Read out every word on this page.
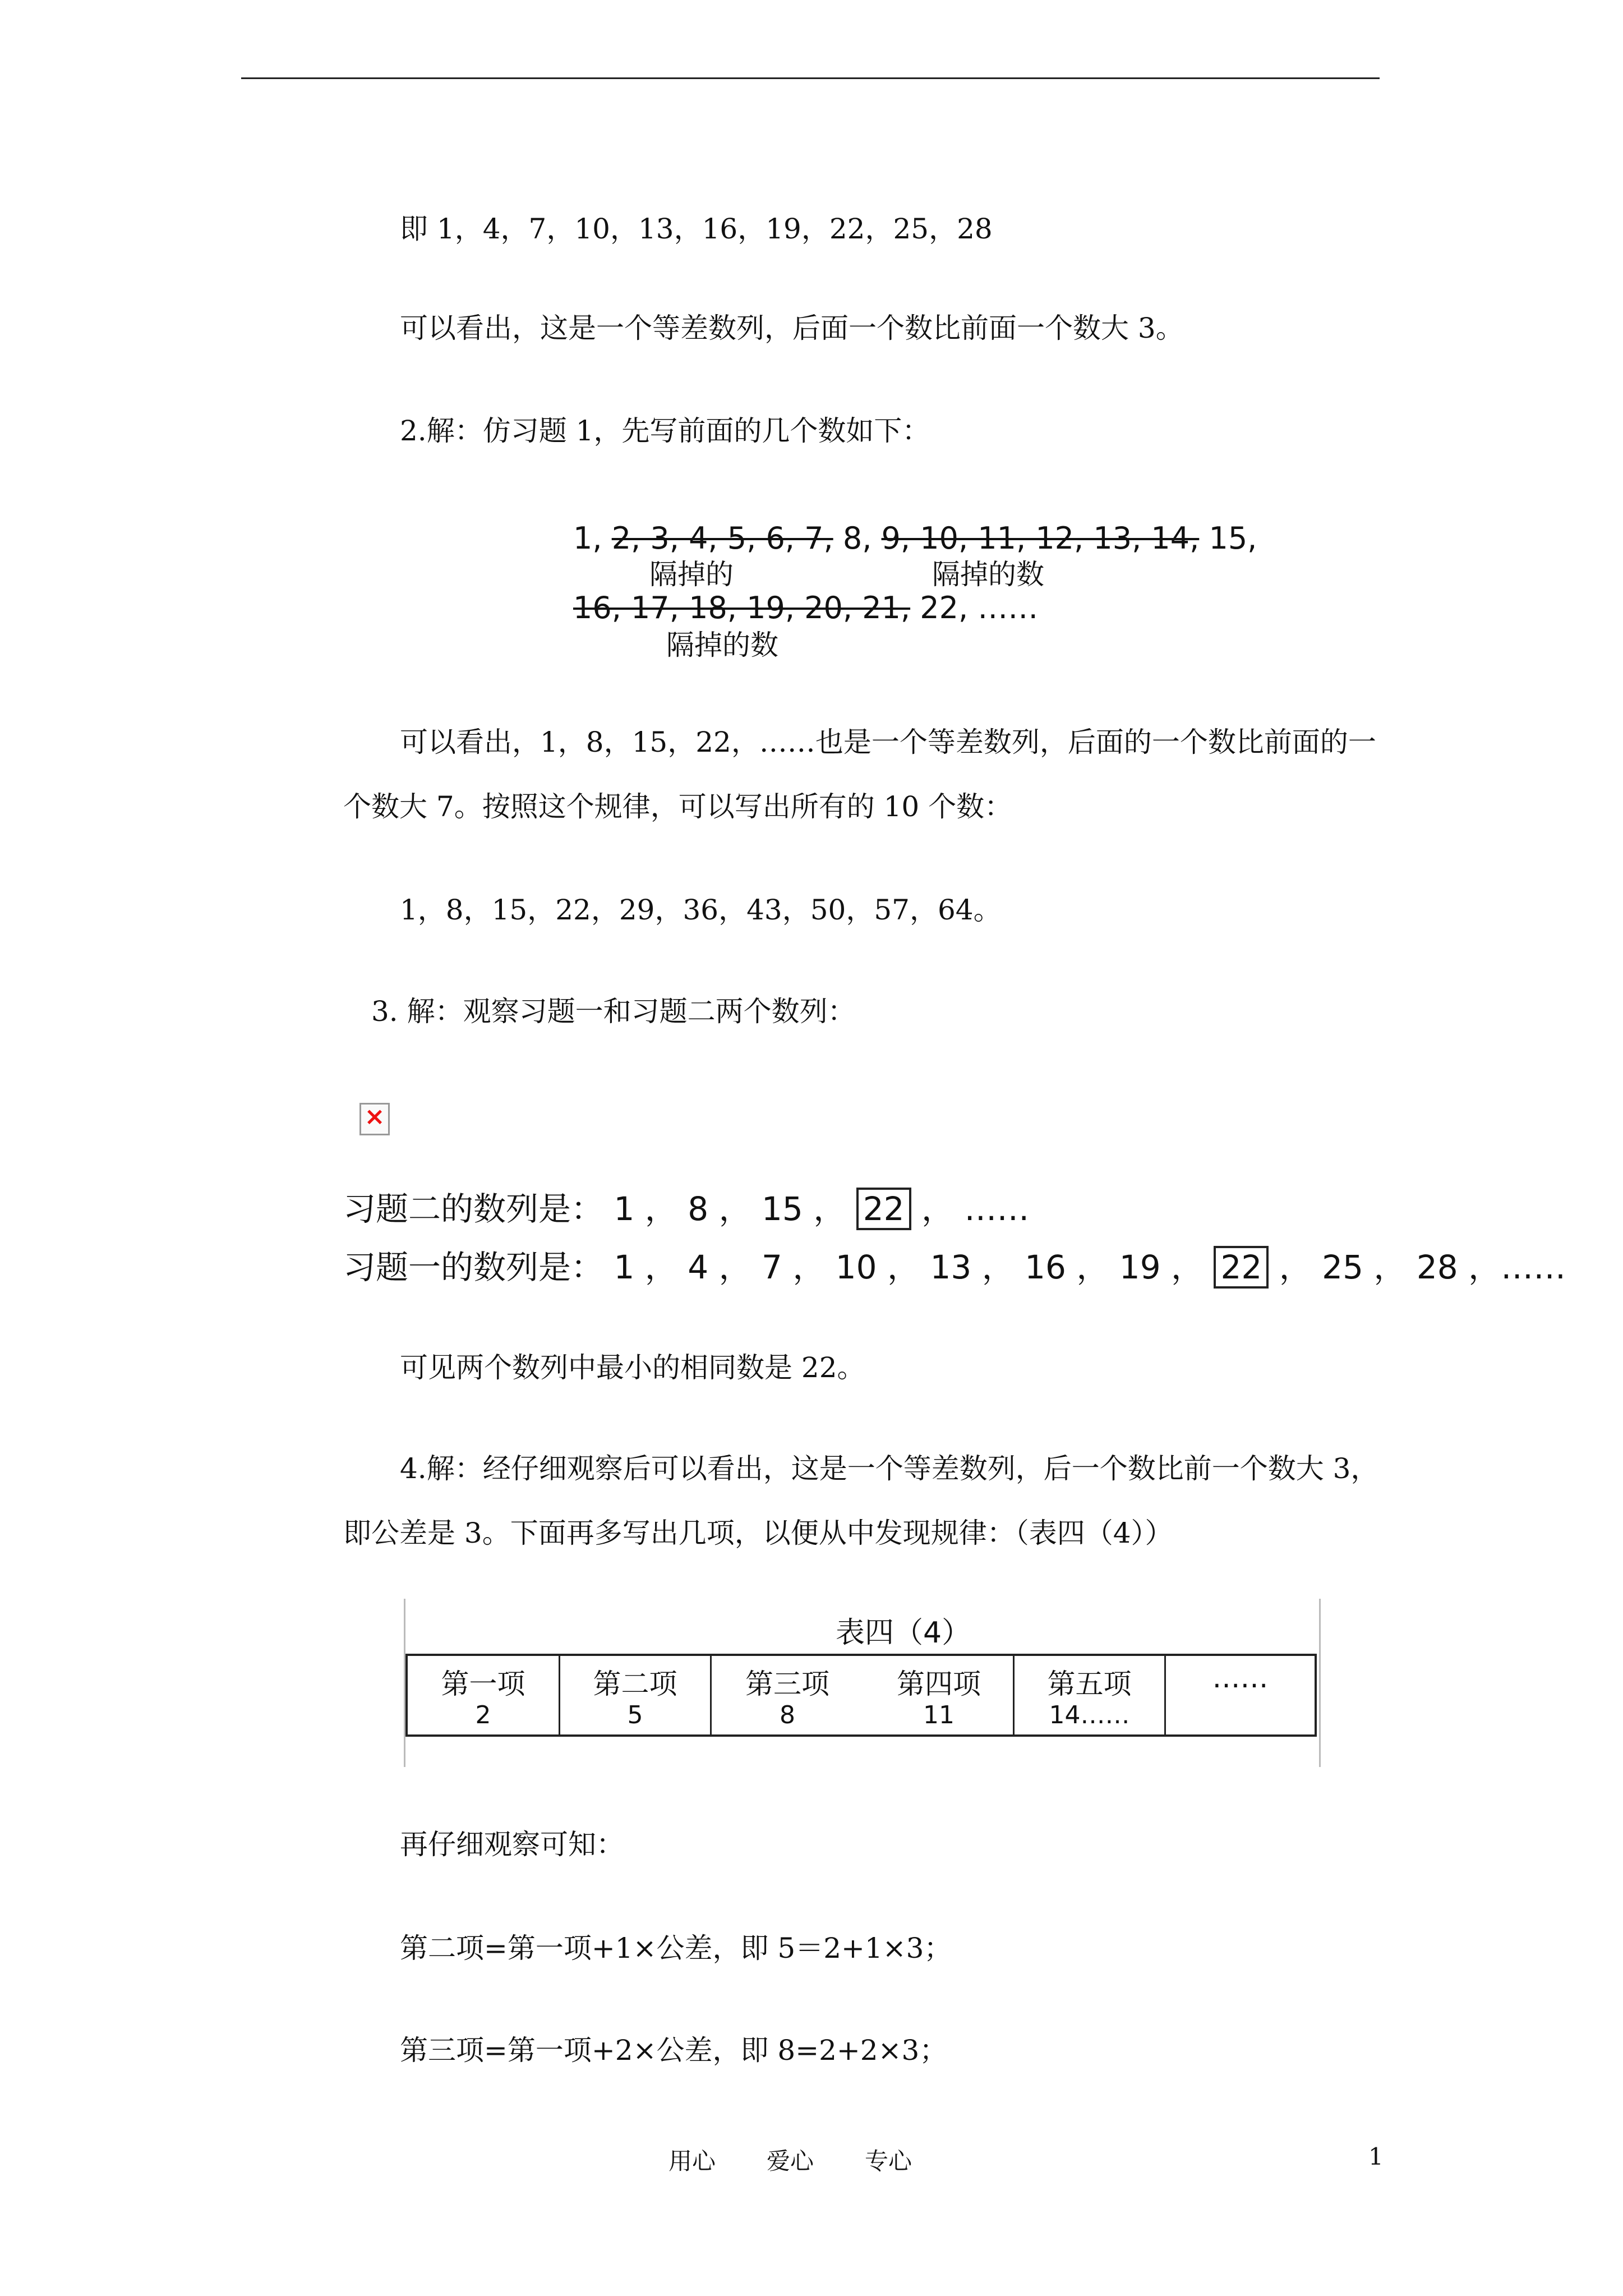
即 1，4，7，10，13，16，19，22，25，28
可以看出，这是一个等差数列，后面一个数比前面一个数大 3。
2.解：仿习题 1，先写前面的几个数如下：
1, 2, 3, 4, 5, 6, 7, 8, 9, 10, 11, 12, 13, 14, 15,
隔掉的	隔掉的数
16, 17, 18, 19, 20, 21, 22, ……
隔掉的数
可以看出，1，8，15，22，……也是一个等差数列，后面的一个数比前面的一
个数大 7。按照这个规律，可以写出所有的 10 个数：
1，8，15，22，29，36，43，50，57，64。
3. 解：观察习题一和习题二两个数列：
×
习题二的数列是： 1 ， 8 ， 15 ， 22 ， ……
习题一的数列是： 1 ， 4 ， 7 ， 10 ， 13 ， 16 ， 19 ， 22 ， 25 ， 28 ，……
可见两个数列中最小的相同数是 22。
4.解：经仔细观察后可以看出，这是一个等差数列，后一个数比前一个数大 3，
即公差是 3。下面再多写出几项，以便从中发现规律：（表四（4））
表四（4）
第一项
2
第二项
5
第三项
8
第四项
11
第五项
14……
……
再仔细观察可知：
第二项=第一项+1×公差，即 5＝2+1×3；
第三项=第一项+2×公差，即 8=2+2×3；
用心 爱心 专心	1
